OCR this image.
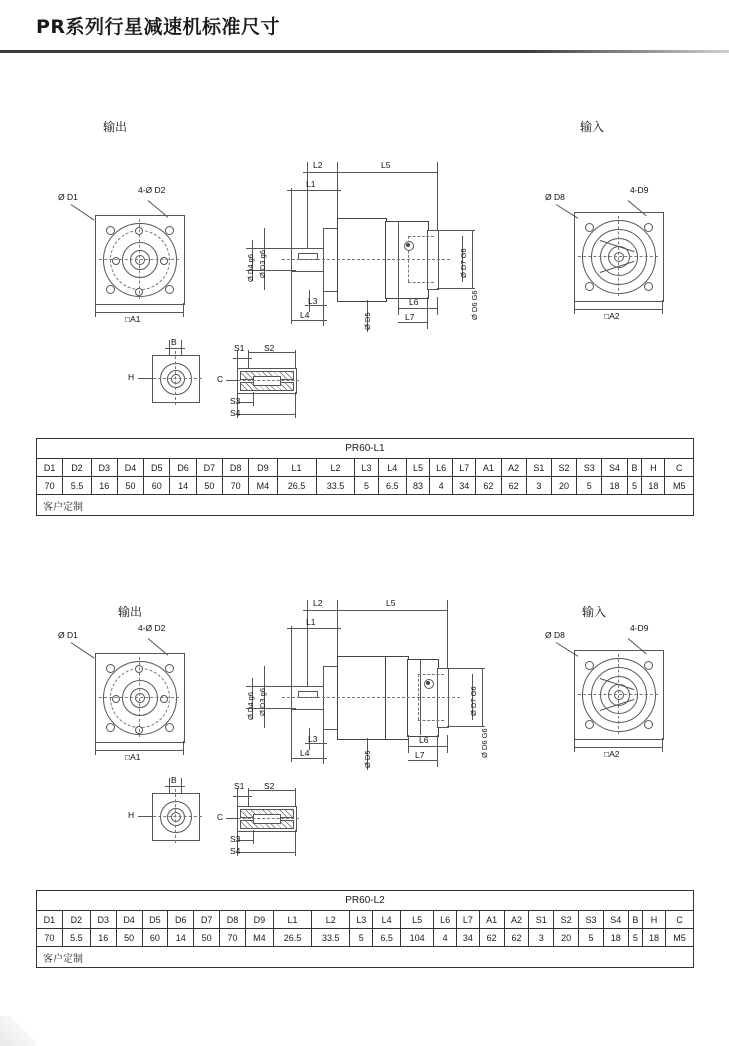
PR系列行星减速机标准尺寸
输出	输入
Ø D1
4-Ø D2
□A1
B
H
S1 S2
C
S3
S4
L2
L1
L5
Ø D3 g6
Ø D4 g6
L3
L4	Ø D5
L6
L7
Ø D7 G6
Ø D6 G6
Ø D8
4-D9
□A2
PR60-L1																								
D1	D2	D3	D4	D5	D6	D7	D8	D9	L1	L2	L3	L4	L5	L6	L7	A1	A2	S1	S2	S3	S4	B	H	C
70	5.5	16	50	60	14	50	70	M4	26.5	33.5	5	6.5	83	4	34	62	62	3	20	5	18	5	18	M5
客户定制																								
输出	输入
Ø D1
4-Ø D2
□A1
B
H
S1 S2
C
S3
S4
L2
L1
L5
Ø D3 g6
Ø D4 g6
L3
L4	Ø D5
L6
L7
Ø D7 G6
Ø D6 G6
Ø D8
4-D9
□A2
PR60-L2																								
D1	D2	D3	D4	D5	D6	D7	D8	D9	L1	L2	L3	L4	L5	L6	L7	A1	A2	S1	S2	S3	S4	B	H	C
70	5.5	16	50	60	14	50	70	M4	26.5	33.5	5	6.5	104	4	34	62	62	3	20	5	18	5	18	M5
客户定制																								
